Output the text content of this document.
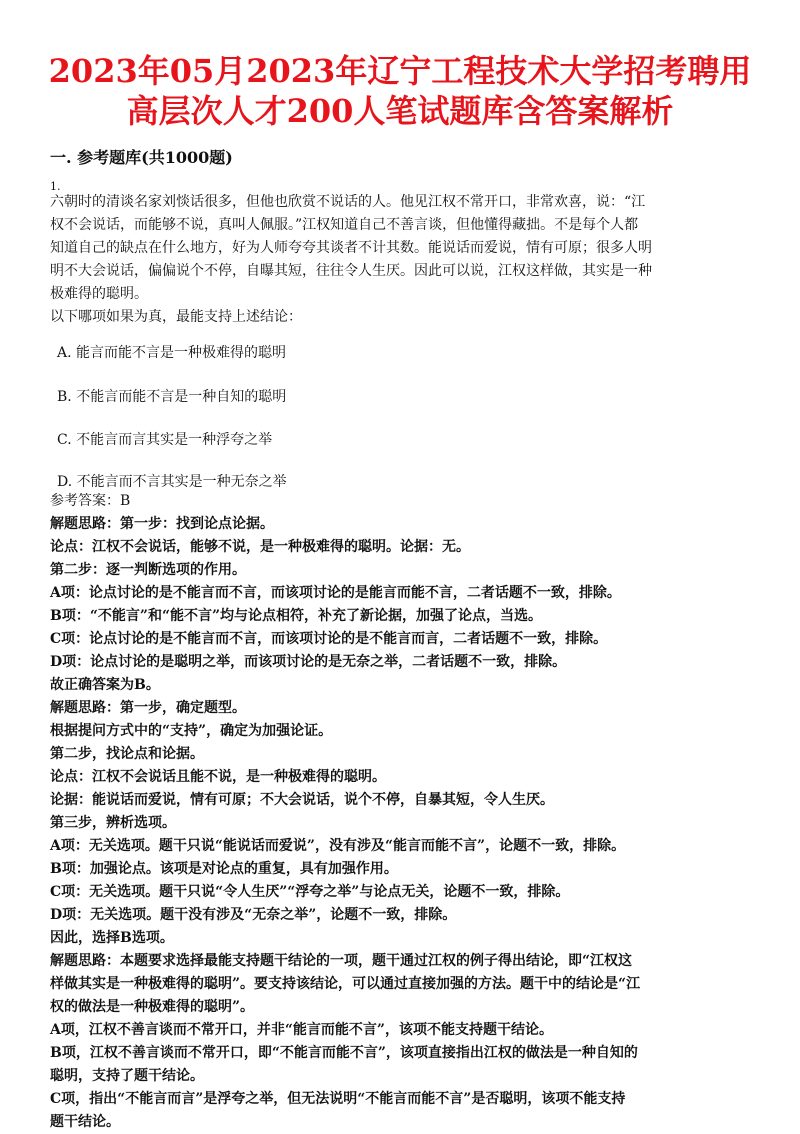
2023年05月2023年辽宁工程技术大学招考聘用
高层次人才200人笔试题库含答案解析
一. 参考题库(共1000题)
1.

六朝时的清谈名家刘惔话很多，但他也欣赏不说话的人。他见江权不常开口，非常欢喜，说：“江

权不会说话，而能够不说，真叫人佩服。”江权知道自己不善言谈，但他懂得藏拙。不是每个人都

知道自己的缺点在什么地方，好为人师夸夸其谈者不计其数。能说话而爱说，情有可原；很多人明

明不大会说话，偏偏说个不停，自曝其短，往往令人生厌。因此可以说，江权这样做，其实是一种

极难得的聪明。

以下哪项如果为真，最能支持上述结论：

A. 能言而能不言是一种极难得的聪明
B. 不能言而能不言是一种自知的聪明
C. 不能言而言其实是一种浮夸之举
D. 不能言而不言其实是一种无奈之举
参考答案：B
解题思路：第一步：找到论点论据。
论点：江权不会说话，能够不说，是一种极难得的聪明。论据：无。
第二步：逐一判断选项的作用。
A项：论点讨论的是不能言而不言，而该项讨论的是能言而能不言，二者话题不一致，排除。
B项：“不能言”和“能不言”均与论点相符，补充了新论据，加强了论点，当选。
C项：论点讨论的是不能言而不言，而该项讨论的是不能言而言，二者话题不一致，排除。
D项：论点讨论的是聪明之举，而该项讨论的是无奈之举，二者话题不一致，排除。
故正确答案为B。
解题思路：第一步，确定题型。
根据提问方式中的“支持”，确定为加强论证。
第二步，找论点和论据。
论点：江权不会说话且能不说，是一种极难得的聪明。
论据：能说话而爱说，情有可原；不大会说话，说个不停，自暴其短，令人生厌。
第三步，辨析选项。
A项：无关选项。题干只说“能说话而爱说”，没有涉及“能言而能不言”，论题不一致，排除。
B项：加强论点。该项是对论点的重复，具有加强作用。
C项：无关选项。题干只说“令人生厌”“浮夸之举”与论点无关，论题不一致，排除。
D项：无关选项。题干没有涉及“无奈之举”，论题不一致，排除。
因此，选择B选项。
解题思路：本题要求选择最能支持题干结论的一项，题干通过江权的例子得出结论，即“江权这
样做其实是一种极难得的聪明”。要支持该结论，可以通过直接加强的方法。题干中的结论是“江
权的做法是一种极难得的聪明”。
A项，江权不善言谈而不常开口，并非“能言而能不言”，该项不能支持题干结论。
B项，江权不善言谈而不常开口，即“不能言而能不言”，该项直接指出江权的做法是一种自知的
聪明，支持了题干结论。
C项，指出“不能言而言”是浮夸之举，但无法说明“不能言而能不言”是否聪明，该项不能支持
题干结论。
